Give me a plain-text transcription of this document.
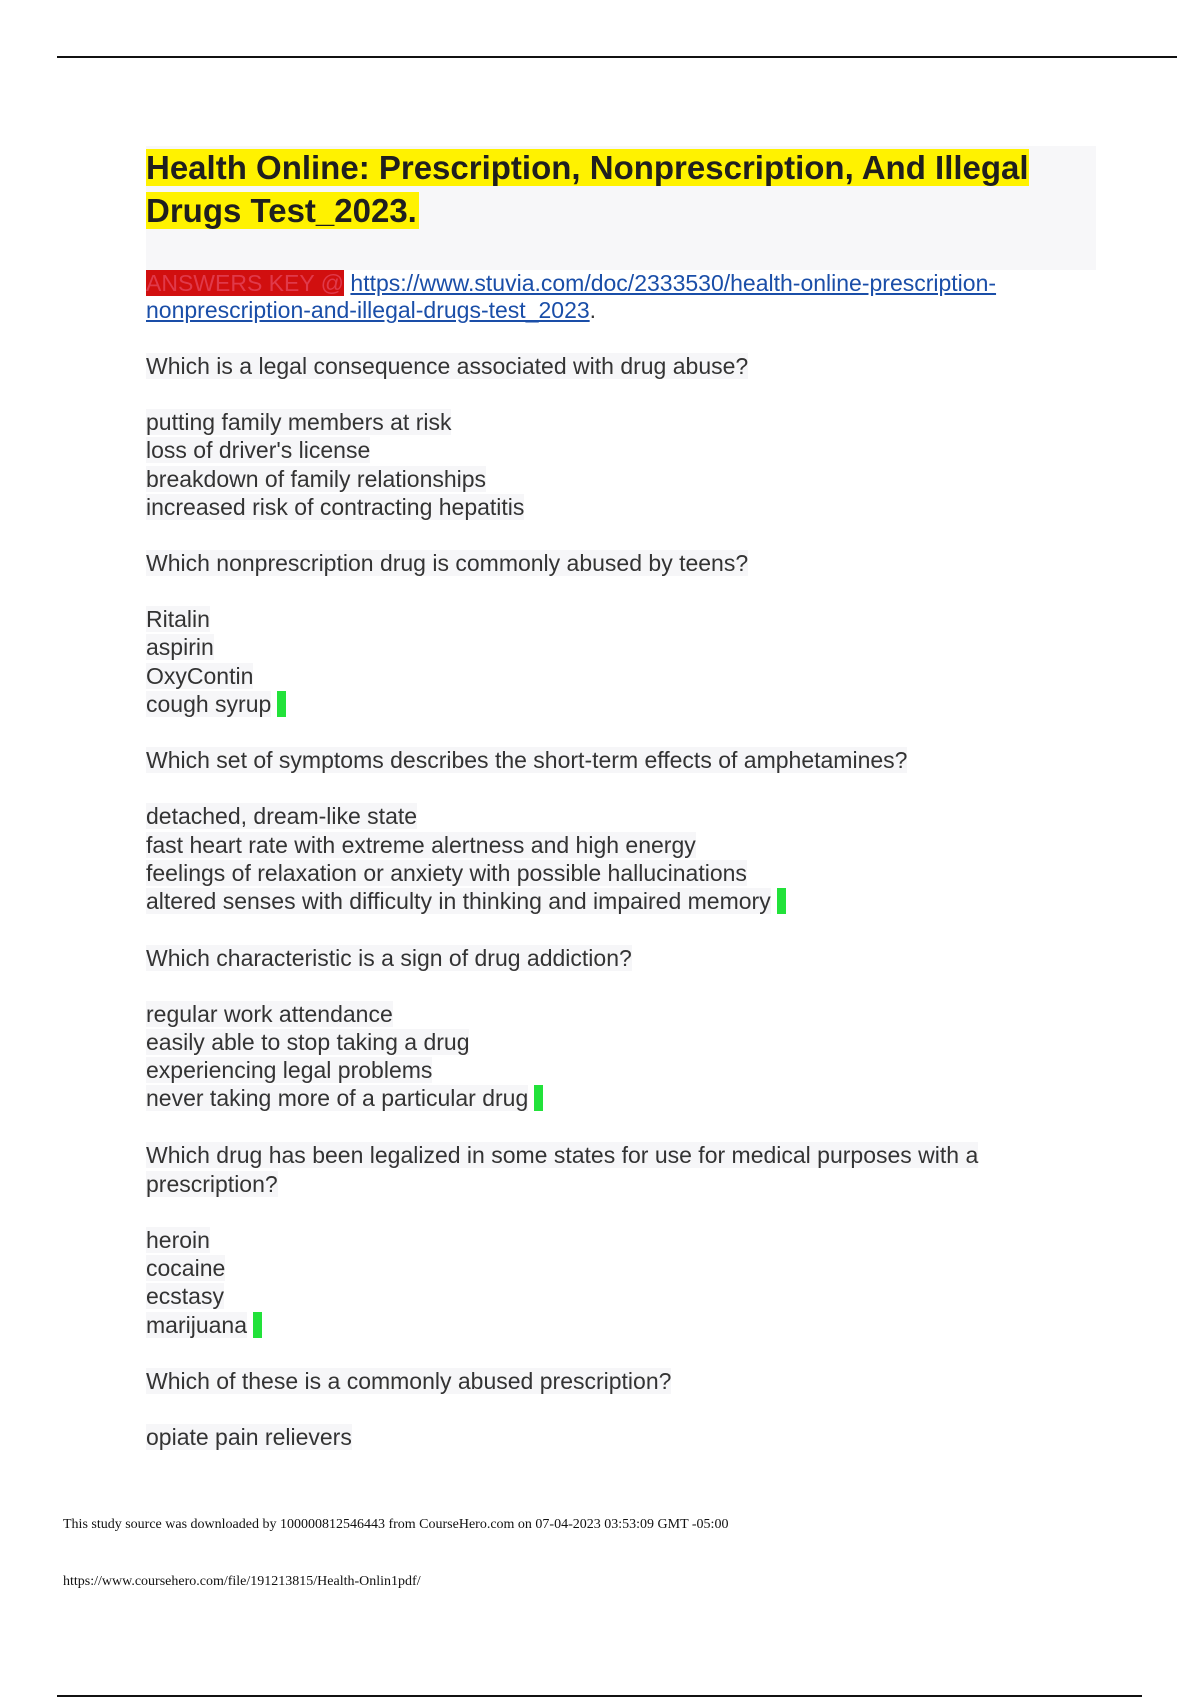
Health Online: Prescription, Nonprescription, And Illegal Drugs Test_2023.
ANSWERS KEY @ https://www.stuvia.com/doc/2333530/health-online-prescription-
nonprescription-and-illegal-drugs-test_2023.
Which is a legal consequence associated with drug abuse?
putting family members at risk
loss of driver's license
breakdown of family relationships
increased risk of contracting hepatitis
Which nonprescription drug is commonly abused by teens?
Ritalin
aspirin
OxyContin
cough syrup
Which set of symptoms describes the short-term effects of amphetamines?
detached, dream-like state
fast heart rate with extreme alertness and high energy
feelings of relaxation or anxiety with possible hallucinations
altered senses with difficulty in thinking and impaired memory
Which characteristic is a sign of drug addiction?
regular work attendance
easily able to stop taking a drug
experiencing legal problems
never taking more of a particular drug
Which drug has been legalized in some states for use for medical purposes with a prescription?
heroin
cocaine
ecstasy
marijuana
Which of these is a commonly abused prescription?
opiate pain relievers
This study source was downloaded by 100000812546443 from CourseHero.com on 07-04-2023 03:53:09 GMT -05:00
https://www.coursehero.com/file/191213815/Health-Onlin1pdf/
